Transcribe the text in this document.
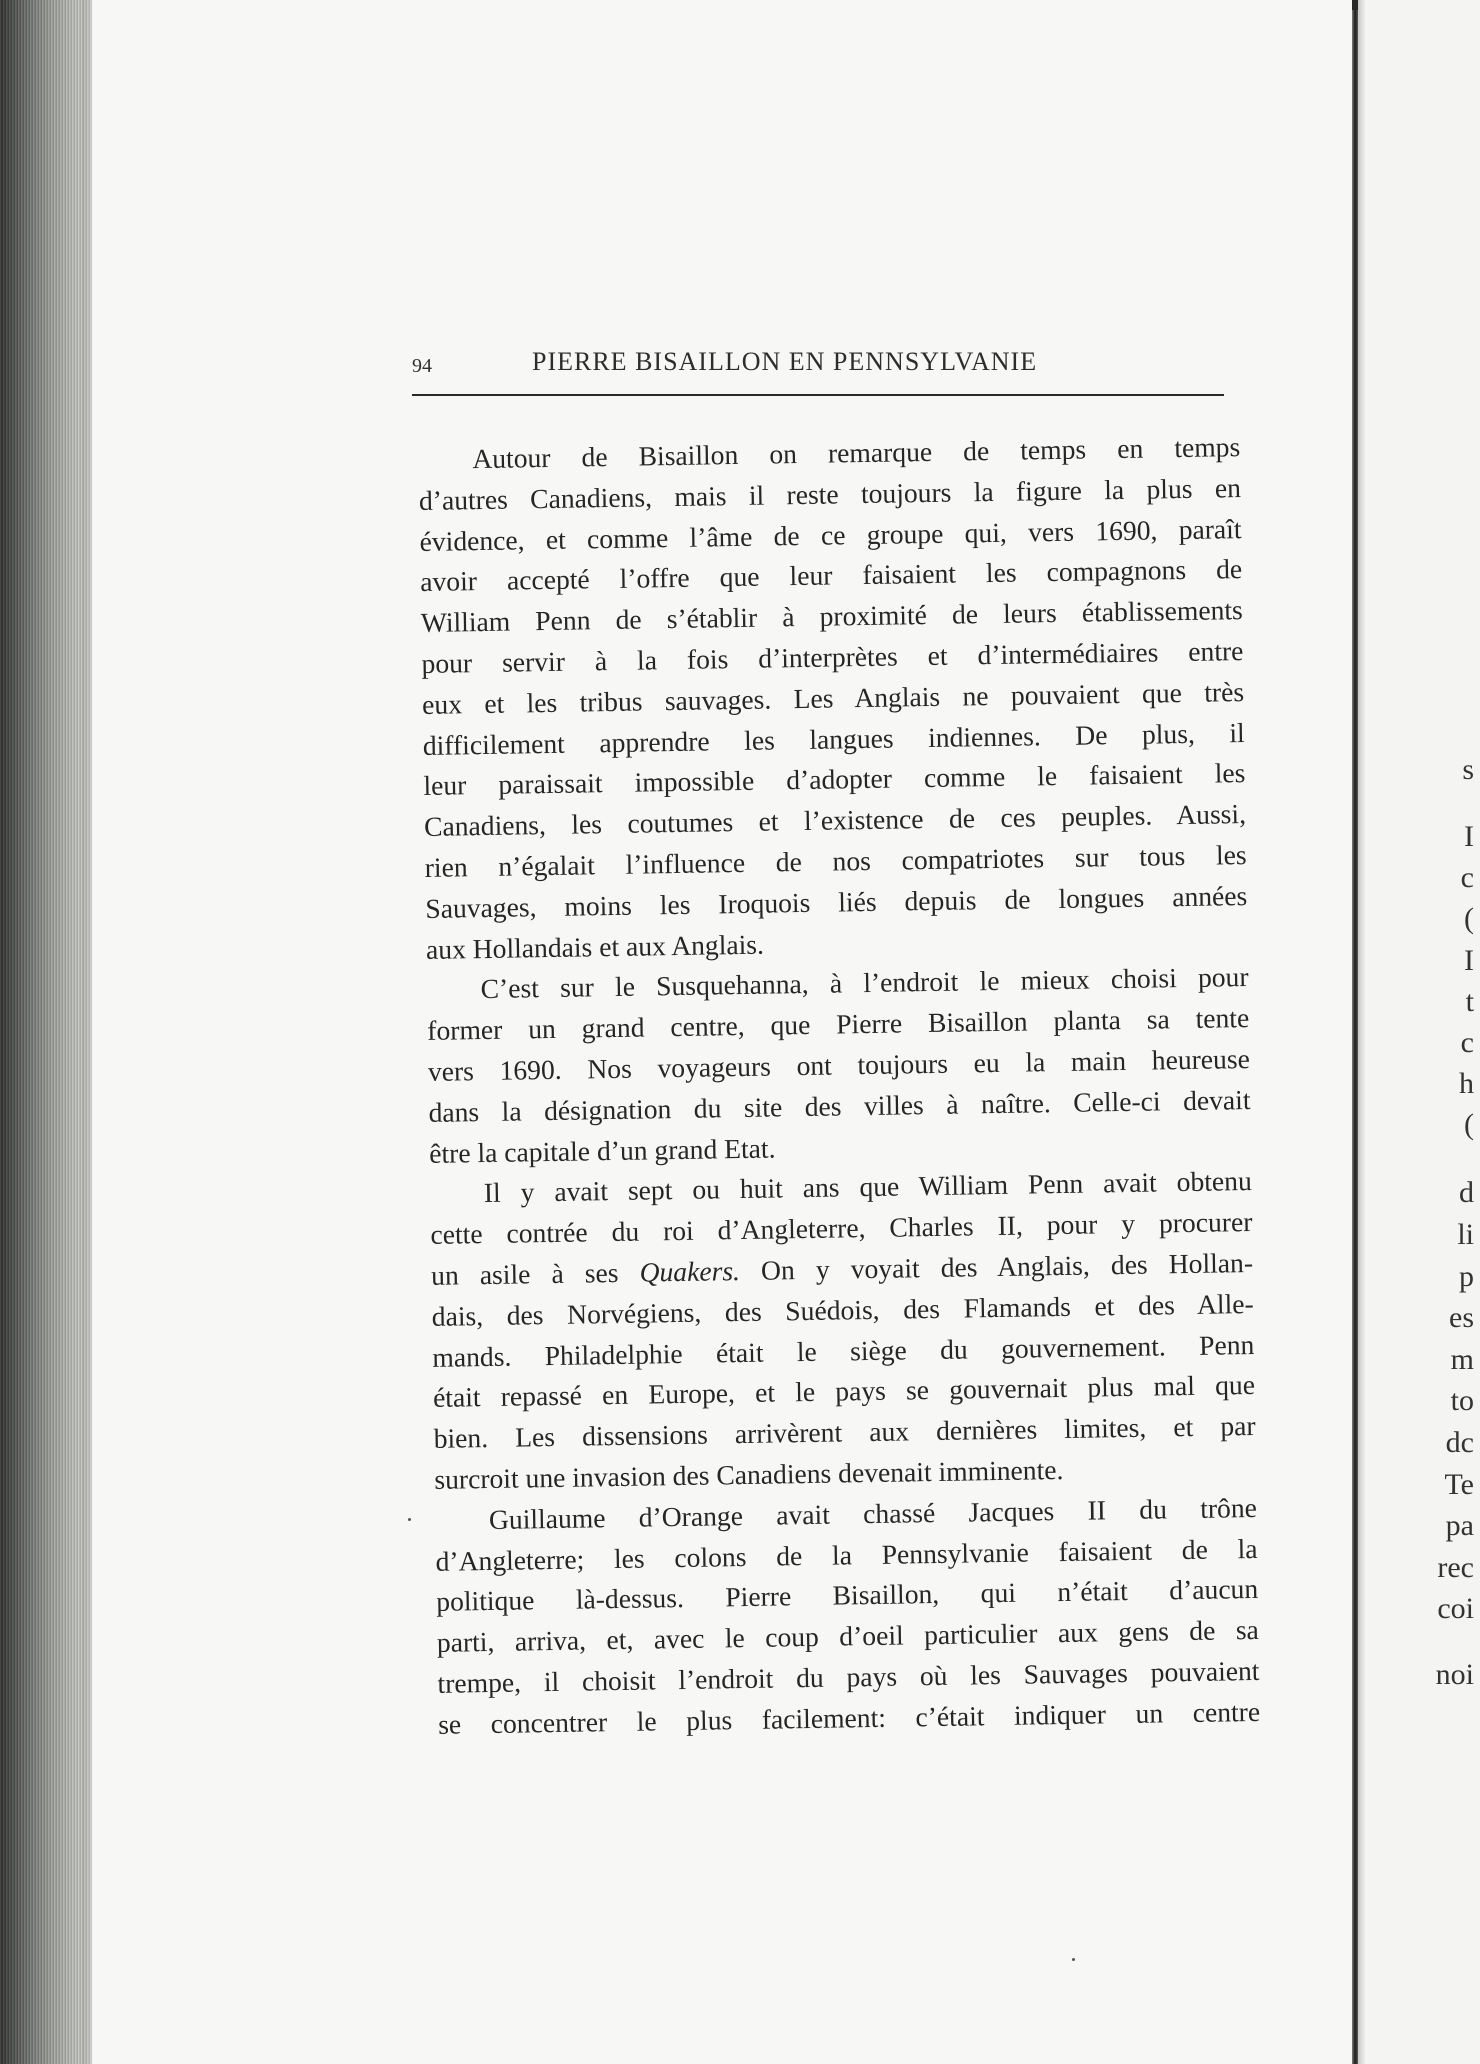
94	PIERRE BISAILLON EN PENNSYLVANIE
Autour de Bisaillon on remarque de temps en temps
d’autres Canadiens, mais il reste toujours la figure la plus en
évidence, et comme l’âme de ce groupe qui, vers 1690, paraît
avoir accepté l’offre que leur faisaient les compagnons de
William Penn de s’établir à proximité de leurs établissements
pour servir à la fois d’interprètes et d’intermédiaires entre
eux et les tribus sauvages. Les Anglais ne pouvaient que très
difficilement apprendre les langues indiennes. De plus, il
leur paraissait impossible d’adopter comme le faisaient les
Canadiens, les coutumes et l’existence de ces peuples. Aussi,
rien n’égalait l’influence de nos compatriotes sur tous les
Sauvages, moins les Iroquois liés depuis de longues années
aux Hollandais et aux Anglais.
C’est sur le Susquehanna, à l’endroit le mieux choisi pour
former un grand centre, que Pierre Bisaillon planta sa tente
vers 1690. Nos voyageurs ont toujours eu la main heureuse
dans la désignation du site des villes à naître. Celle-ci devait
être la capitale d’un grand Etat.
Il y avait sept ou huit ans que William Penn avait obtenu
cette contrée du roi d’Angleterre, Charles II, pour y procurer
un asile à ses Quakers. On y voyait des Anglais, des Hollan-
dais, des Norvégiens, des Suédois, des Flamands et des Alle-
mands. Philadelphie était le siège du gouvernement. Penn
était repassé en Europe, et le pays se gouvernait plus mal que
bien. Les dissensions arrivèrent aux dernières limites, et par
surcroit une invasion des Canadiens devenait imminente.
Guillaume d’Orange avait chassé Jacques II du trône
d’Angleterre; les colons de la Pennsylvanie faisaient de la
politique là-dessus. Pierre Bisaillon, qui n’était d’aucun
parti, arriva, et, avec le coup d’oeil particulier aux gens de sa
trempe, il choisit l’endroit du pays où les Sauvages pouvaient
se concentrer le plus facilement: c’était indiquer un centre
s
I
c
(
I
t
c
h
(
d
li
p
es
m
to
dc
Te
pa
rec
coi
noi
